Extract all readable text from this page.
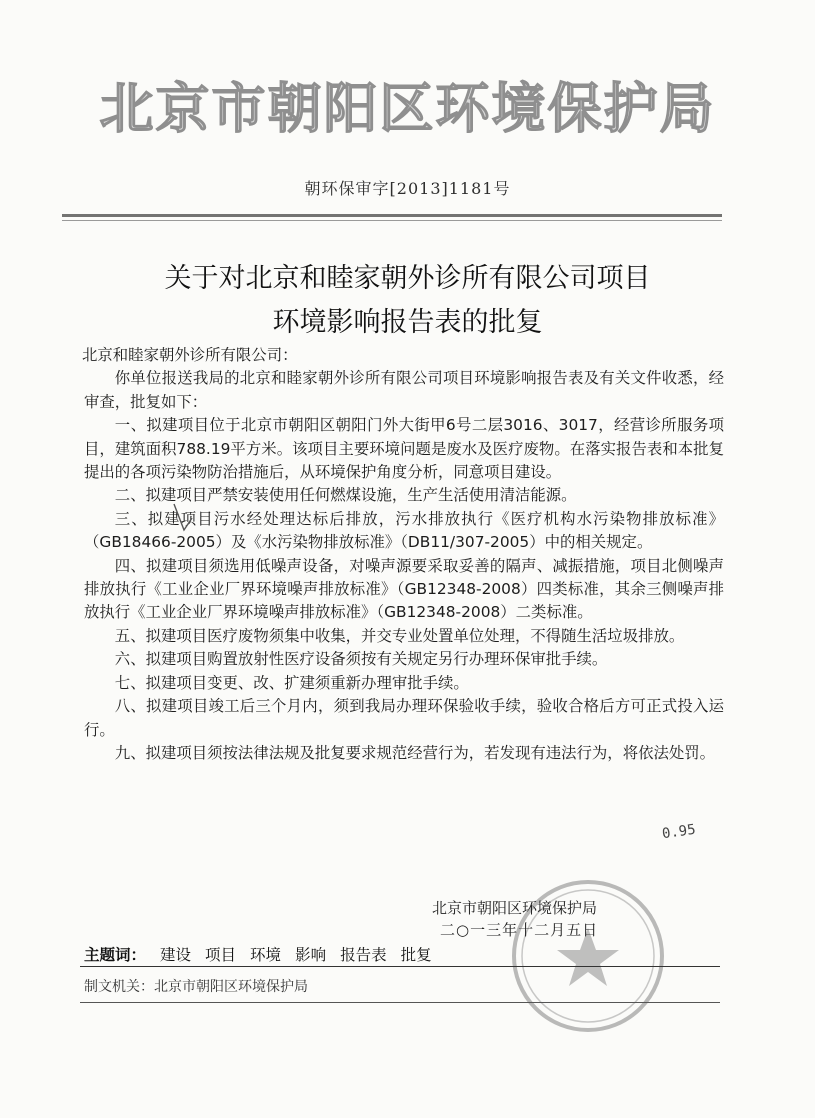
北京市朝阳区环境保护局
朝环保审字[2013]1181号
关于对北京和睦家朝外诊所有限公司项目
环境影响报告表的批复

北京和睦家朝外诊所有限公司：

你单位报送我局的北京和睦家朝外诊所有限公司项目环境影响报告表及有关文件收悉，经审查，批复如下：

一、拟建项目位于北京市朝阳区朝阳门外大街甲6号二层3016、3017，经营诊所服务项目，建筑面积788.19平方米。该项目主要环境问题是废水及医疗废物。在落实报告表和本批复提出的各项污染物防治措施后，从环境保护角度分析，同意项目建设。

二、拟建项目严禁安装使用任何燃煤设施，生产生活使用清洁能源。

三、拟建项目污水经处理达标后排放，污水排放执行《医疗机构水污染物排放标准》（GB18466-2005）及《水污染物排放标准》（DB11/307-2005）中的相关规定。

四、拟建项目须选用低噪声设备，对噪声源要采取妥善的隔声、减振措施，项目北侧噪声排放执行《工业企业厂界环境噪声排放标准》（GB12348-2008）四类标准，其余三侧噪声排放执行《工业企业厂界环境噪声排放标准》（GB12348-2008）二类标准。

五、拟建项目医疗废物须集中收集，并交专业处置单位处理，不得随生活垃圾排放。

六、拟建项目购置放射性医疗设备须按有关规定另行办理环保审批手续。

七、拟建项目变更、改、扩建须重新办理审批手续。

八、拟建项目竣工后三个月内，须到我局办理环保验收手续，验收合格后方可正式投入运行。

九、拟建项目须按法律法规及批复要求规范经营行为，若发现有违法行为，将依法处罚。

北京市朝阳区环境保护局
二○一三年十二月五日
0.95
主题词： 建设 项目 环境 影响 报告表 批复
制文机关：北京市朝阳区环境保护局
